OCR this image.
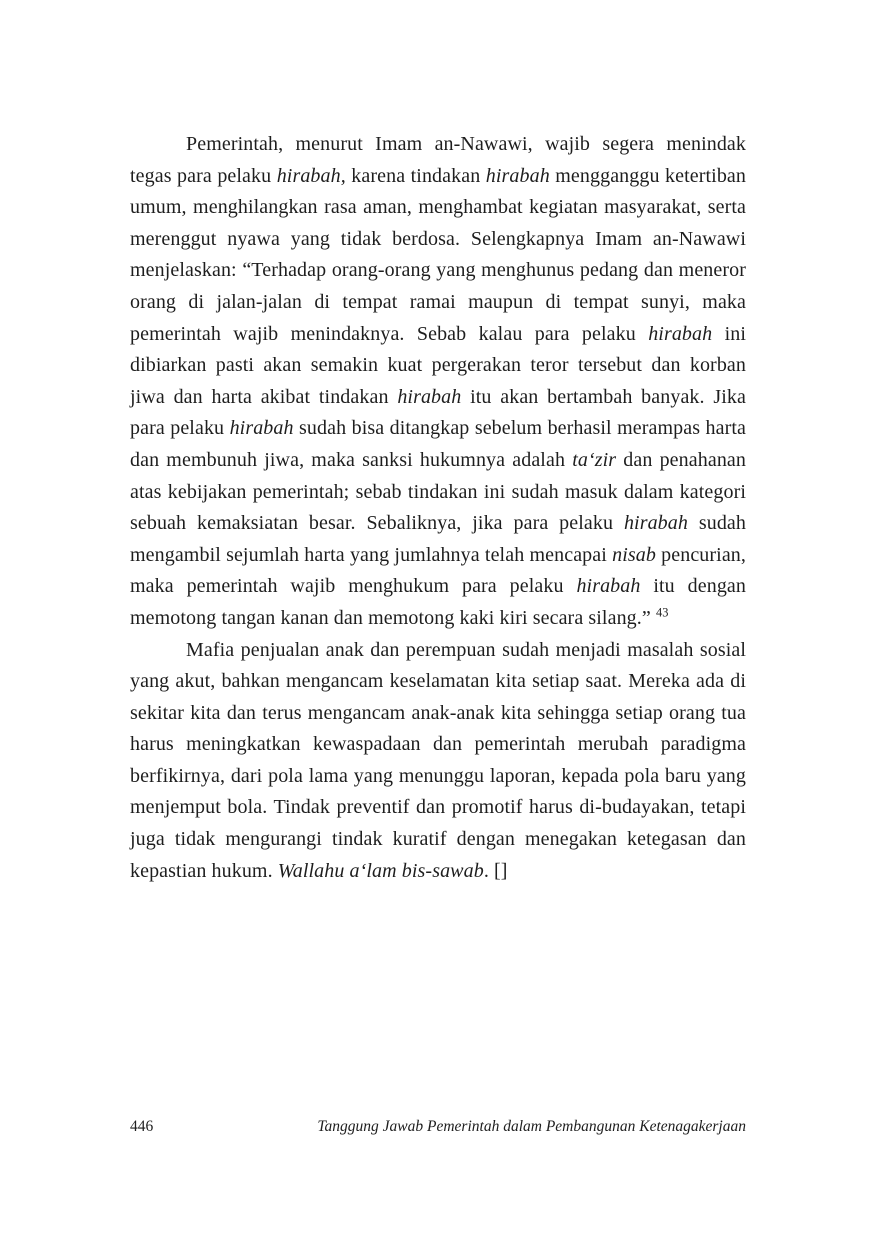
Pemerintah, menurut Imam an-Nawawi, wajib segera menindak tegas para pelaku hirabah, karena tindakan hirabah mengganggu ketertiban umum, menghilangkan rasa aman, menghambat kegiatan masyarakat, serta merenggut nyawa yang tidak berdosa. Selengkapnya Imam an-Nawawi menjelaskan: “Terhadap orang-orang yang menghunus pedang dan meneror orang di jalan-jalan di tempat ramai maupun di tempat sunyi, maka pemerintah wajib menindaknya. Sebab kalau para pelaku hirabah ini dibiarkan pasti akan semakin kuat pergerakan teror tersebut dan korban jiwa dan harta akibat tindakan hirabah itu akan bertambah banyak. Jika para pelaku hirabah sudah bisa ditangkap sebelum berhasil merampas harta dan membunuh jiwa, maka sanksi hukumnya adalah ta‘zir dan penahanan atas kebijakan pemerintah; sebab tindakan ini sudah masuk dalam kategori sebuah kemaksiatan besar. Sebaliknya, jika para pelaku hirabah sudah mengambil sejumlah harta yang jumlahnya telah mencapai nisab pencurian, maka pemerintah wajib menghukum para pelaku hirabah itu dengan memotong tangan kanan dan memotong kaki kiri secara silang.” $^{43}$

Mafia penjualan anak dan perempuan sudah menjadi masalah sosial yang akut, bahkan mengancam keselamatan kita setiap saat. Mereka ada di sekitar kita dan terus mengancam anak-anak kita sehingga setiap orang tua harus meningkatkan kewaspadaan dan pemerintah merubah paradigma berfikirnya, dari pola lama yang menunggu laporan, kepada pola baru yang menjemput bola. Tindak preventif dan promotif harus di-budayakan, tetapi juga tidak mengurangi tindak kuratif dengan menegakan ketegasan dan kepastian hukum. Wallahu a‘lam bis-sawab. []

446	Tanggung Jawab Pemerintah dalam Pembangunan Ketenagakerjaan
